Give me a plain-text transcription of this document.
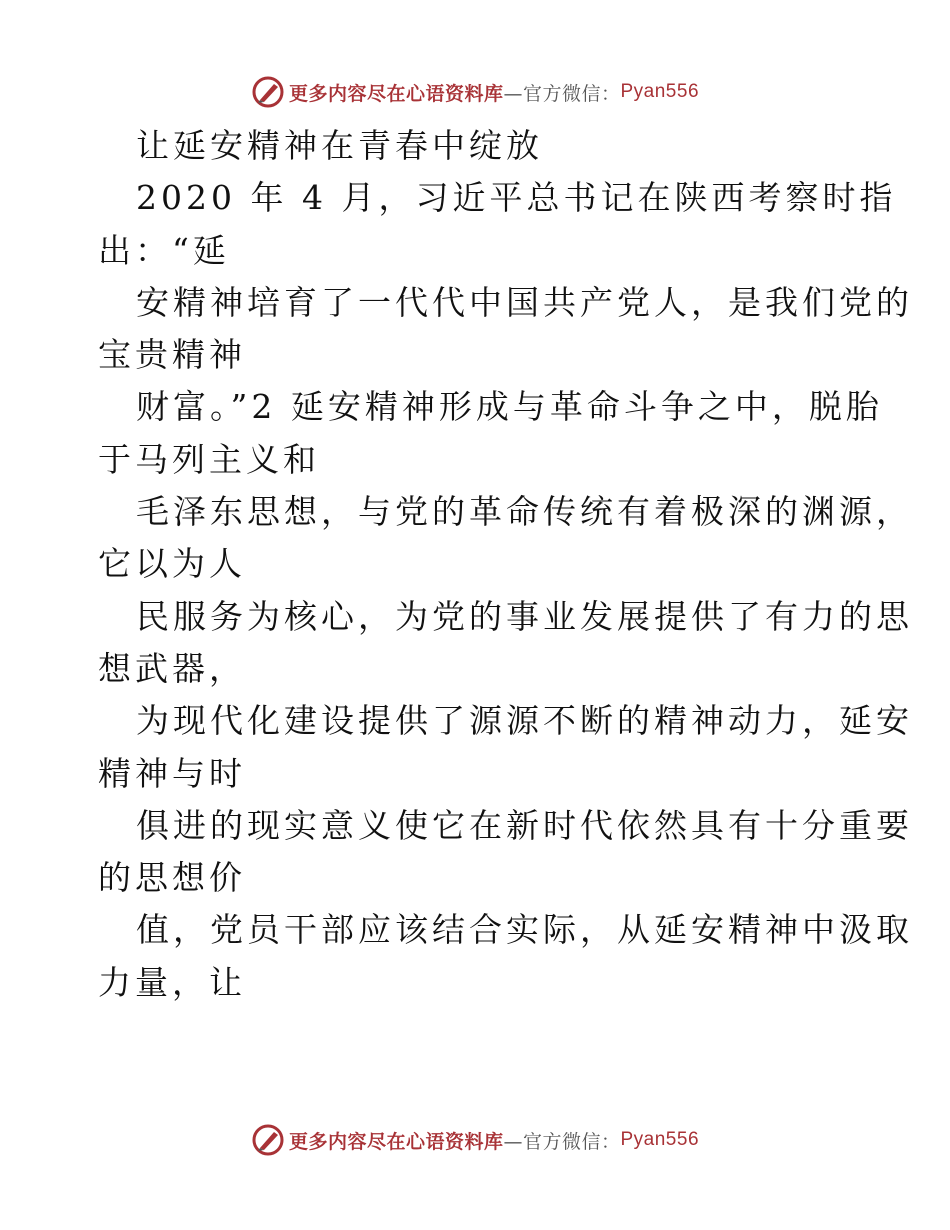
更多内容尽在心语资料库 —官方微信： Pyan556
让延安精神在青春中绽放
2020 年 4 月，习近平总书记在陕西考察时指
出：“延
安精神培育了一代代中国共产党人，是我们党的
宝贵精神
财富。”2 延安精神形成与革命斗争之中，脱胎
于马列主义和
毛泽东思想，与党的革命传统有着极深的渊源，
它以为人
民服务为核心，为党的事业发展提供了有力的思
想武器，
为现代化建设提供了源源不断的精神动力，延安
精神与时
俱进的现实意义使它在新时代依然具有十分重要
的思想价
值，党员干部应该结合实际，从延安精神中汲取
力量，让
更多内容尽在心语资料库 —官方微信： Pyan556
